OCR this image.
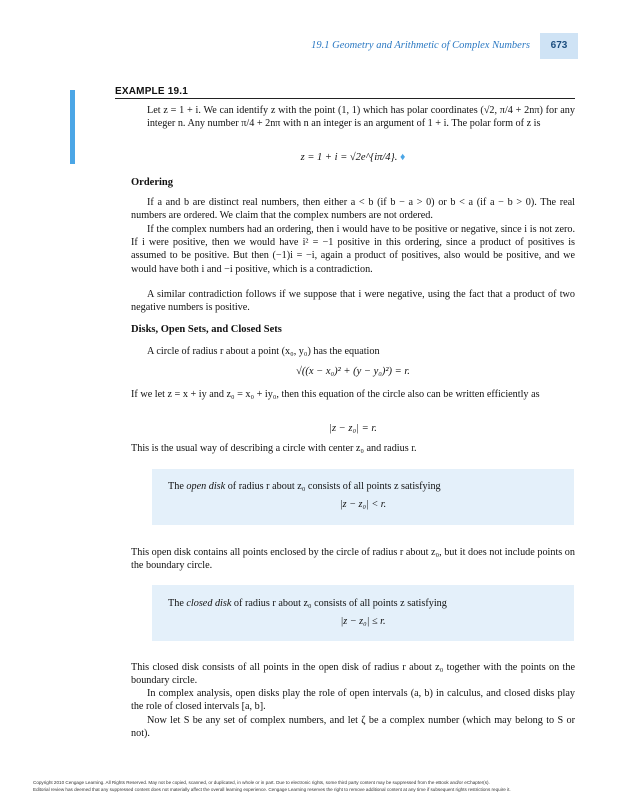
19.1 Geometry and Arithmetic of Complex Numbers	673
EXAMPLE 19.1

Let z = 1 + i. We can identify z with the point (1, 1) which has polar coordinates (√2, π/4 + 2nπ) for any integer n. Any number π/4 + 2nπ with n an integer is an argument of 1 + i. The polar form of z is

z = 1 + i = √2e^{iπ/4}. ♦
Ordering

If a and b are distinct real numbers, then either a < b (if b − a > 0) or b < a (if a − b > 0). The real numbers are ordered. We claim that the complex numbers are not ordered.

If the complex numbers had an ordering, then i would have to be positive or negative, since i is not zero. If i were positive, then we would have i² = −1 positive in this ordering, since a product of positives is assumed to be positive. But then (−1)i = −i, again a product of positives, also would be positive, and we would have both i and −i positive, which is a contradiction.

A similar contradiction follows if we suppose that i were negative, using the fact that a product of two negative numbers is positive.

Disks, Open Sets, and Closed Sets

A circle of radius r about a point (x₀, y₀) has the equation

√((x − x₀)² + (y − y₀)²) = r.

If we let z = x + iy and z₀ = x₀ + iy₀, then this equation of the circle also can be written efficiently as

|z − z₀| = r.

This is the usual way of describing a circle with center z₀ and radius r.

The open disk of radius r about z₀ consists of all points z satisfying
|z − z₀| < r.

This open disk contains all points enclosed by the circle of radius r about z₀, but it does not include points on the boundary circle.

The closed disk of radius r about z₀ consists of all points z satisfying
|z − z₀| ≤ r.

This closed disk consists of all points in the open disk of radius r about z₀ together with the points on the boundary circle.

In complex analysis, open disks play the role of open intervals (a, b) in calculus, and closed disks play the role of closed intervals [a, b].

Now let S be any set of complex numbers, and let ζ be a complex number (which may belong to S or not).

Copyright 2010 Cengage Learning. All Rights Reserved. May not be copied, scanned, or duplicated, in whole or in part. Due to electronic rights, some third party content may be suppressed from the eBook and/or eChapter(s).
Editorial review has deemed that any suppressed content does not materially affect the overall learning experience. Cengage Learning reserves the right to remove additional content at any time if subsequent rights restrictions require it.
